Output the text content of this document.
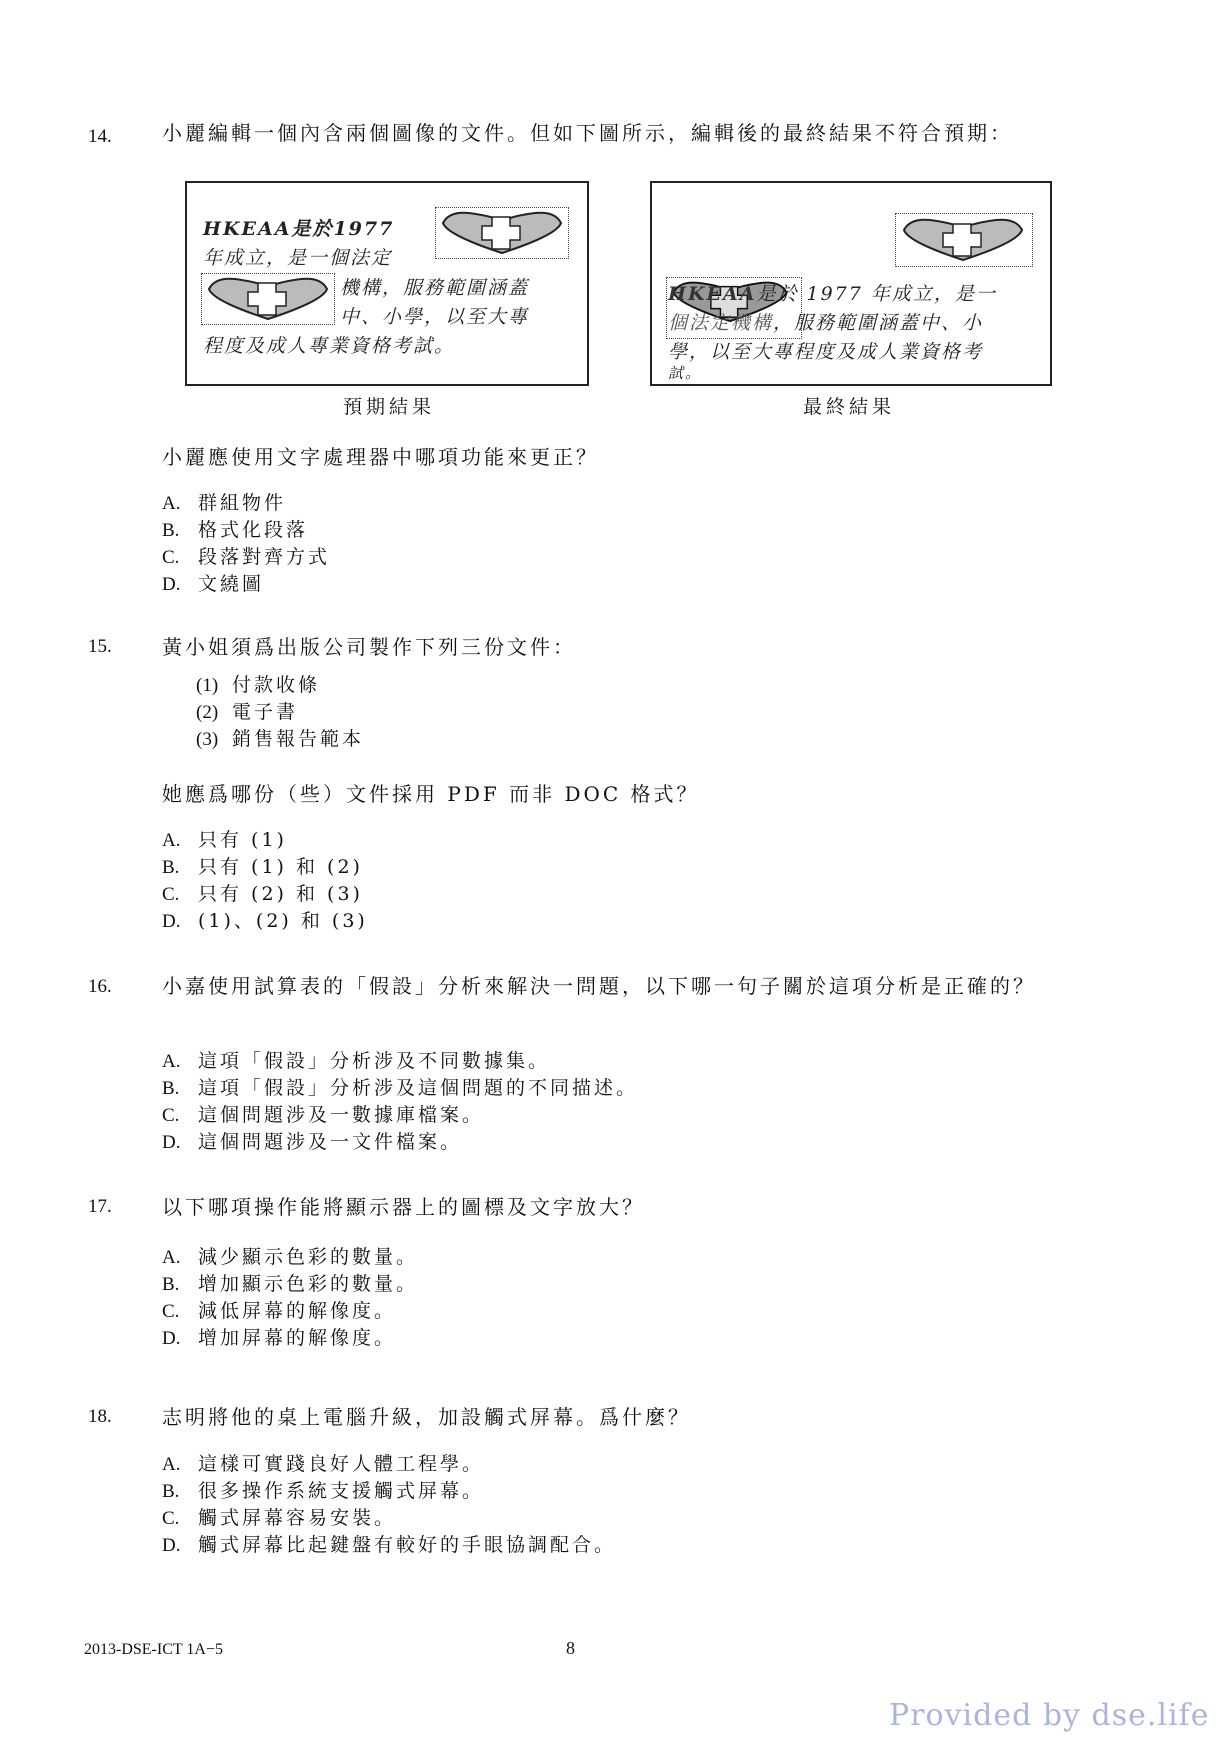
14.	小麗編輯一個內含兩個圖像的文件。但如下圖所示，編輯後的最終結果不符合預期：
HKEAA是於1977
年成立，是一個法定
機構，服務範圍涵蓋
中、小學，以至大專
程度及成人專業資格考試。
HKEAA是於 1977 年成立，是一
個法定機構，服務範圍涵蓋中、小
學，以至大專程度及成人業資格考
試。
預期結果	最終結果
小麗應使用文字處理器中哪項功能來更正？
A. 群組物件
B. 格式化段落
C. 段落對齊方式
D. 文繞圖
15.	黃小姐須爲出版公司製作下列三份文件：
(1) 付款收條
(2) 電子書
(3) 銷售報告範本
她應爲哪份（些）文件採用 PDF 而非 DOC 格式？
A. 只有 (1)
B. 只有 (1) 和 (2)
C. 只有 (2) 和 (3)
D. (1)、(2) 和 (3)
16.	小嘉使用試算表的「假設」分析來解決一問題，以下哪一句子關於這項分析是正確的？
A. 這項「假設」分析涉及不同數據集。
B. 這項「假設」分析涉及這個問題的不同描述。
C. 這個問題涉及一數據庫檔案。
D. 這個問題涉及一文件檔案。
17.	以下哪項操作能將顯示器上的圖標及文字放大？
A. 減少顯示色彩的數量。
B. 增加顯示色彩的數量。
C. 減低屏幕的解像度。
D. 增加屏幕的解像度。
18.	志明將他的桌上電腦升級，加設觸式屏幕。爲什麼？
A. 這樣可實踐良好人體工程學。
B. 很多操作系統支援觸式屏幕。
C. 觸式屏幕容易安裝。
D. 觸式屏幕比起鍵盤有較好的手眼協調配合。
2013-DSE-ICT 1A−5	8
Provided by dse.life
